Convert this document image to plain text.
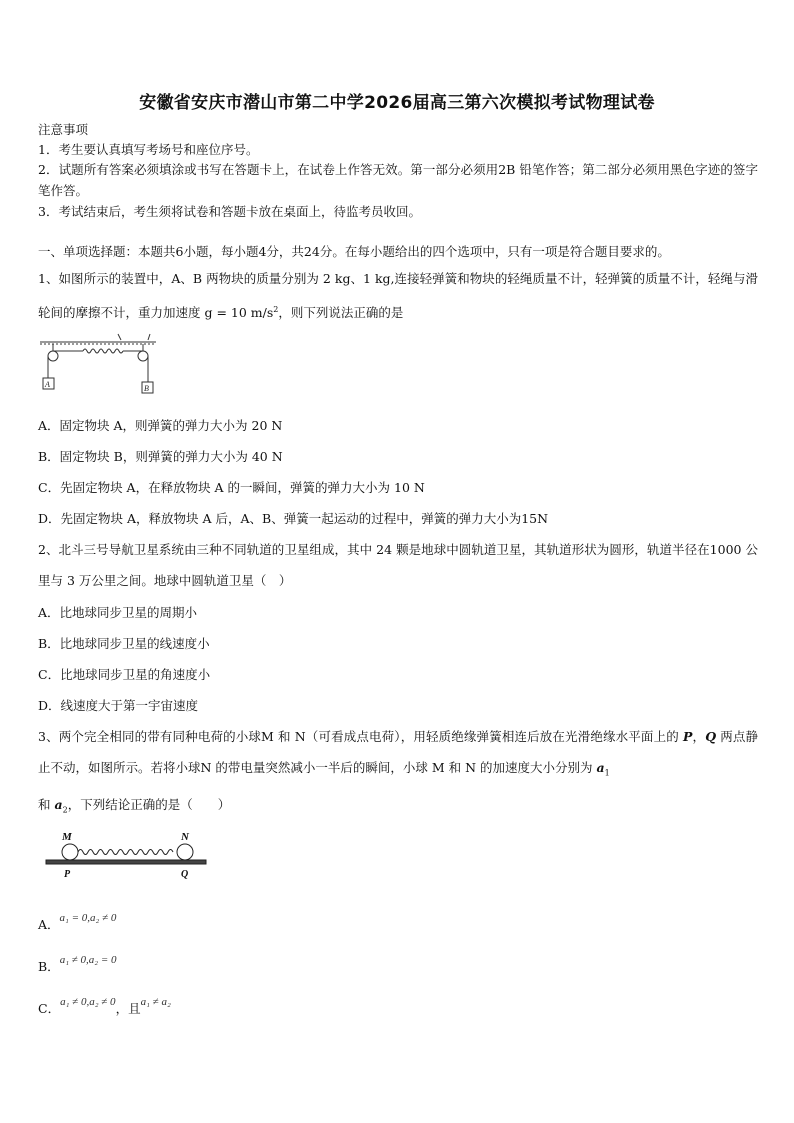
安徽省安庆市潜山市第二中学2026届高三第六次模拟考试物理试卷
注意事项
1．考生要认真填写考场号和座位序号。
2．试题所有答案必须填涂或书写在答题卡上，在试卷上作答无效。第一部分必须用2B 铅笔作答；第二部分必须用黑色字迹的签字笔作答。
3．考试结束后，考生须将试卷和答题卡放在桌面上，待监考员收回。
一、单项选择题：本题共6小题，每小题4分，共24分。在每小题给出的四个选项中，只有一项是符合题目要求的。
1、如图所示的装置中，A、B 两物块的质量分别为 2 kg、1 kg,连接轻弹簧和物块的轻绳质量不计，轻弹簧的质量不计，轻绳与滑轮间的摩擦不计，重力加速度 g = 10 $m/s^2$，则下列说法正确的是
A	B
A．固定物块 A，则弹簧的弹力大小为 20 N
B．固定物块 B，则弹簧的弹力大小为 40 N
C．先固定物块 A，在释放物块 A 的一瞬间，弹簧的弹力大小为 10 N
D．先固定物块 A，释放物块 A 后，A、B、弹簧一起运动的过程中，弹簧的弹力大小为15N
2、北斗三号导航卫星系统由三种不同轨道的卫星组成，其中 24 颗是地球中圆轨道卫星，其轨道形状为圆形，轨道半径在1000 公里与 3 万公里之间。地球中圆轨道卫星（　）
A．比地球同步卫星的周期小
B．比地球同步卫星的线速度小
C．比地球同步卫星的角速度小
D．线速度大于第一宇宙速度
3、两个完全相同的带有同种电荷的小球M 和 N（可看成点电荷），用轻质绝缘弹簧相连后放在光滑绝缘水平面上的 P，Q 两点静止不动，如图所示。若将小球N 的带电量突然减小一半后的瞬间，小球 M 和 N 的加速度大小分别为 $a_1$
和 $a_2$，下列结论正确的是（　　）
M	N
P	Q
A．a₁ = 0,a₂ ≠ 0
B．a₁ ≠ 0,a₂ = 0
C．a₁ ≠ 0,a₂ ≠ 0，且a₁ ≠ a₂
